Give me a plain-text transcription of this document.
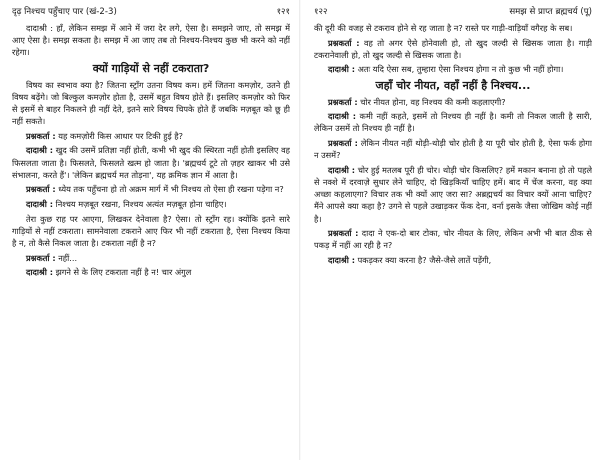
दृढ़ निश्चय पहुँचाए पार (खं-2-3)	१२१

दादाश्री : हाँ, लेकिन समझ में आने में जरा देर लगे, ऐसा है। समझने जाए, तो समझ में आए ऐसा है। समझ सकता है। समझ में आ जाए तब तो निश्चय-निश्चय कुछ भी करने को नहीं रहेगा।

क्यों गाड़ियों से नहीं टकराता?

विषय का स्वभाव क्या है? जितना स्ट्रॉंग उतना विषय कम। हमें जितना कमज़ोर, उतने ही विषय बढ़ेंगे। जो बिल्कुल कमज़ोर होता है, उसमें बहुत विषय होते हैं। इसलिए कमज़ोर को फिर से इसमें से बाहर निकलने ही नहीं देते, इतने सारे विषय चिपके होते हैं जबकि मज़बूत को छू ही नहीं सकते।

प्रश्नकर्ता : यह कमज़ोरी किस आधार पर टिकी हुई है?

दादाश्री : खुद की उसमें प्रतिज्ञा नहीं होती, कभी भी खुद की स्थिरता नहीं होती इसलिए वह फिसलता जाता है। फिसलते, फिसलते खत्म हो जाता है। 'ब्रह्मचर्य टूटे तो ज़हर खाकर भी उसे संभालना, करते हैं'। 'लेकिन ब्रह्मचर्य मत तोड़ना', यह क्रमिक ज्ञान में आता है।

प्रश्नकर्ता : ध्येय तक पहुँचना हो तो अक्रम मार्ग में भी निश्चय तो ऐसा ही रखना पड़ेगा न?

दादाश्री : निश्चय मज़बूत रखना, निश्चय अत्यंत मज़बूत होना चाहिए।

तेरा कुछ राह पर आएगा, लिखकर देनेवाला है? ऐसा। तो स्ट्रॉंग रह। क्योंकि इतने सारे गाड़ियों से नहीं टकराता। सामनेवाला टकराने आए फिर भी नहीं टकराता है, ऐसा निश्चय किया है न, तो कैसे निकल जाता है। टकराता नहीं है न?

प्रश्नकर्ता : नहीं...

दादाश्री : झगने से के लिए टकराता नहीं है न! चार अंगुल

१२२	समझ से प्राप्त ब्रह्मचर्य (पू)

की दूरी की वजह से टकराव होने से रह जाता है न? रास्ते पर गाड़ी-वाड़ियाँ वगैरह के सब।

प्रश्नकर्ता : वह तो अगर ऐसे होनेवाली हो, तो खुद जल्दी से खिसक जाता है। गाड़ी टकरानेवाली हो, तो खुद जल्दी से खिसक जाता है।

दादाश्री : अतः यदि ऐसा सब, तुम्हारा ऐसा निश्चय होगा न तो कुछ भी नहीं होगा।

जहाँ चोर नीयत, वहाँ नहीं है निश्चय...

प्रश्नकर्ता : चोर नीयत होना, वह निश्चय की कमी कहलाएगी?

दादाश्री : कमी नहीं कहते, इसमें तो निश्चय ही नहीं है। कमी तो निकल जाती है सारी, लेकिन उसमें तो निश्चय ही नहीं है।

प्रश्नकर्ता : लेकिन नीयत नहीं थोड़ी-थोड़ी चोर होती है या पूरी चोर होती है, ऐसा फर्क होगा न उसमें?

दादाश्री : चोर हुई मतलब पूरी ही चोर। थोड़ी चोर किसलिए? हमें मकान बनाना हो तो पहले से नक्शे में दरवाज़े सुधार लेने चाहिए, दो खिड़कियाँ चाहिए हमें। बाद में चेंज करना, वह क्या अच्छा कहलाएगा? विचार तक भी क्यों आए जरा सा? अब्रह्मचर्य का विचार क्यों आना चाहिए? मैंने आपसे क्या कहा है? उगने से पहले उखाड़कर फेंक देना, वर्ना इसके जैसा जोखिम कोई नहीं है।

प्रश्नकर्ता : दादा ने एक-दो बार टोका, चोर नीयत के लिए, लेकिन अभी भी बात ठीक से पकड़ में नहीं आ रही है न?

दादाश्री : पकड़कर क्या करना है? जैसे-जैसे लातें पड़ेंगी,
